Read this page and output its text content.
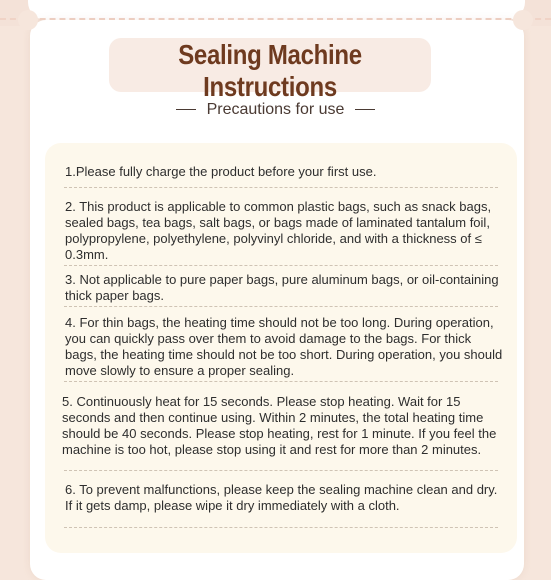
Sealing Machine Instructions
Precautions for use
1.Please fully charge the product before your first use.
2. This product is applicable to common plastic bags, such as snack bags, sealed bags, tea bags, salt bags, or bags made of laminated tantalum foil, polypropylene, polyethylene, polyvinyl chloride, and with a thickness of ≤ 0.3mm.
3. Not applicable to pure paper bags, pure aluminum bags, or oil-containing thick paper bags.
4. For thin bags, the heating time should not be too long. During operation, you can quickly pass over them to avoid damage to the bags. For thick bags, the heating time should not be too short. During operation, you should move slowly to ensure a proper sealing.
5. Continuously heat for 15 seconds. Please stop heating. Wait for 15 seconds and then continue using. Within 2 minutes, the total heating time should be 40 seconds. Please stop heating, rest for 1 minute. If you feel the machine is too hot, please stop using it and rest for more than 2 minutes.
6. To prevent malfunctions, please keep the sealing machine clean and dry. If it gets damp, please wipe it dry immediately with a cloth.
